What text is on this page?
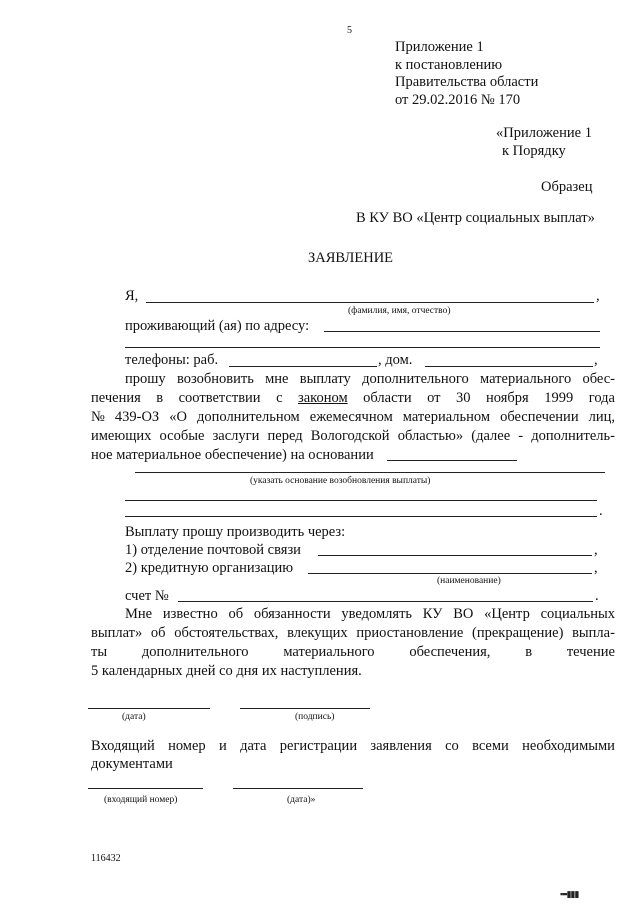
5
Приложение 1
к постановлению
Правительства области
от 29.02.2016 № 170
«Приложение 1
к Порядку
Образец
В КУ ВО «Центр социальных выплат»
ЗАЯВЛЕНИЕ
Я,	,
(фамилия, имя, отчество)
проживающий (ая) по адресу:
телефоны: раб.	, дом.	,
прошу возобновить мне выплату дополнительного материального обес-
печения в соответствии с законом области от 30 ноября 1999 года
№ 439-ОЗ «О дополнительном ежемесячном материальном обеспечении лиц,
имеющих особые заслуги перед Вологодской областью» (далее - дополнитель-
ное материальное обеспечение) на основании
(указать основание возобновления выплаты)
.
Выплату прошу производить через:
1) отделение почтовой связи	,
2) кредитную организацию	,
(наименование)
счет №	.
Мне известно об обязанности уведомлять КУ ВО «Центр социальных
выплат» об обстоятельствах, влекущих приостановление (прекращение) выпла-
ты дополнительного материального обеспечения, в течение
5 календарных дней со дня их наступления.
(дата)	(подпись)
Входящий номер и дата регистрации заявления со всеми необходимыми
документами
(входящий номер)	(дата)»
116432
▪▪▪▮▮▮
